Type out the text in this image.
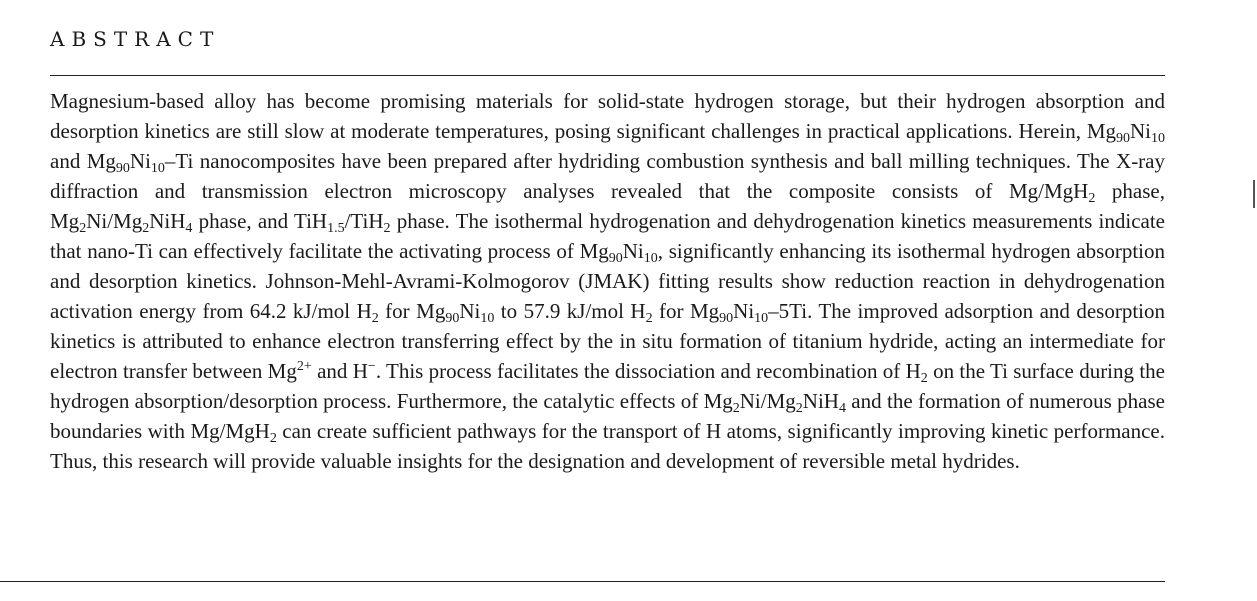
ABSTRACT

Magnesium-based alloy has become promising materials for solid-state hydrogen storage, but their hydrogen absorption and desorption kinetics are still slow at moderate temperatures, posing significant challenges in practical applications. Herein, $Mg_{90}Ni_{10}$ and $Mg_{90}Ni_{10}-Ti$ nanocomposites have been prepared after hydriding combustion synthesis and ball milling techniques. The X-ray diffraction and transmission electron microscopy analyses revealed that the composite consists of Mg/MgH$_2$ phase, $Mg_2Ni/Mg_2NiH_4$ phase, and TiH$_{1.5}$/TiH$_2$ phase. The isothermal hydrogenation and dehydrogenation kinetics measurements indicate that nano-Ti can effectively facilitate the activating process of $Mg_{90}Ni_{10}$, significantly enhancing its isothermal hydrogen absorption and desorption kinetics. Johnson-Mehl-Avrami-Kolmogorov (JMAK) fitting results show reduction reaction in dehydrogenation activation energy from 64.2 kJ/mol $H_2$ for $Mg_{90}Ni_{10}$ to 57.9 kJ/mol $H_2$ for $Mg_{90}Ni_{10}-5Ti$. The improved adsorption and desorption kinetics is attributed to enhance electron transferring effect by the in situ formation of titanium hydride, acting an intermediate for electron transfer between $Mg^{2+}$ and H−. This process facilitates the dissociation and recombination of $H_2$ on the Ti surface during the hydrogen absorption/desorption process. Furthermore, the catalytic effects of $Mg_2Ni/Mg_2NiH_4$ and the formation of numerous phase boundaries with Mg/MgH$_2$ can create sufficient pathways for the transport of H atoms, significantly improving kinetic performance. Thus, this research will provide valuable insights for the designation and development of reversible metal hydrides.
